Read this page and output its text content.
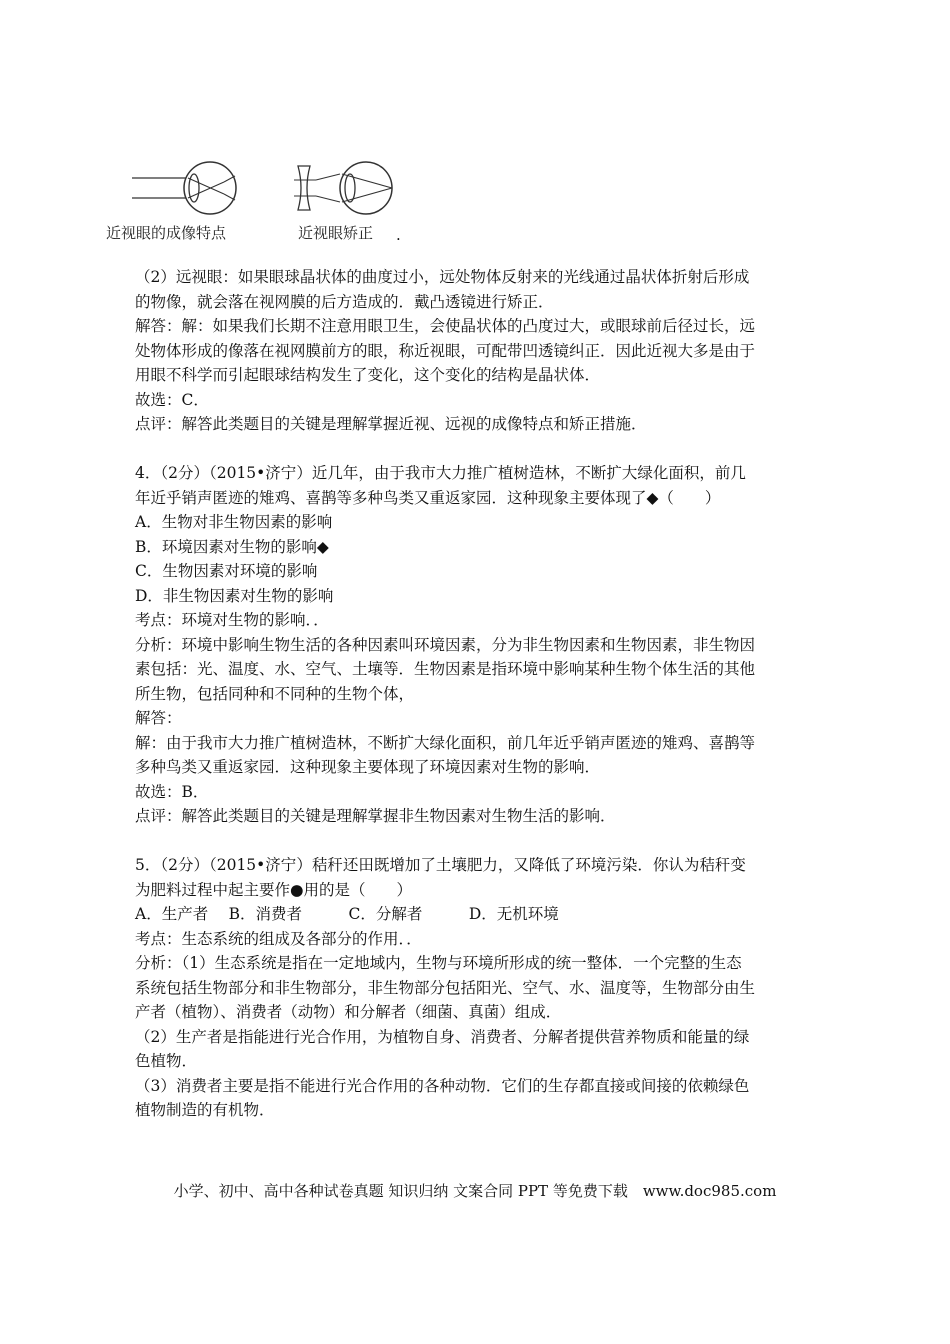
近视眼的成像特点	近视眼矫正 .
（2）远视眼：如果眼球晶状体的曲度过小，远处物体反射来的光线通过晶状体折射后形成
的物像，就会落在视网膜的后方造成的．戴凸透镜进行矫正．
解答：解：如果我们长期不注意用眼卫生，会使晶状体的凸度过大，或眼球前后径过长，远
处物体形成的像落在视网膜前方的眼，称近视眼，可配带凹透镜纠正．因此近视大多是由于
用眼不科学而引起眼球结构发生了变化，这个变化的结构是晶状体．
故选：C．
点评：解答此类题目的关键是理解掌握近视、远视的成像特点和矫正措施．
4．（2分）（2015•济宁）近几年，由于我市大力推广植树造林，不断扩大绿化面积，前几
年近乎销声匿迹的雉鸡、喜鹊等多种鸟类又重返家园．这种现象主要体现了◆（　　）
A．生物对非生物因素的影响
B．环境因素对生物的影响◆
C．生物因素对环境的影响
D．非生物因素对生物的影响
考点：环境对生物的影响．．
分析：环境中影响生物生活的各种因素叫环境因素，分为非生物因素和生物因素，非生物因
素包括：光、温度、水、空气、土壤等．生物因素是指环境中影响某种生物个体生活的其他
所生物，包括同种和不同种的生物个体，
解答：
解：由于我市大力推广植树造林，不断扩大绿化面积，前几年近乎销声匿迹的雉鸡、喜鹊等
多种鸟类又重返家园．这种现象主要体现了环境因素对生物的影响．
故选：B．
点评：解答此类题目的关键是理解掌握非生物因素对生物生活的影响．
5．（2分）（2015•济宁）秸秆还田既增加了土壤肥力，又降低了环境污染．你认为秸秆变
为肥料过程中起主要作●用的是（　　）
A．生产者　 B．消费者　　　C．分解者　　　D．无机环境
考点：生态系统的组成及各部分的作用．．
分析：（1）生态系统是指在一定地域内，生物与环境所形成的统一整体．一个完整的生态
系统包括生物部分和非生物部分，非生物部分包括阳光、空气、水、温度等，生物部分由生
产者（植物）、消费者（动物）和分解者（细菌、真菌）组成．
（2）生产者是指能进行光合作用，为植物自身、消费者、分解者提供营养物质和能量的绿
色植物．
（3）消费者主要是指不能进行光合作用的各种动物．它们的生存都直接或间接的依赖绿色
植物制造的有机物．
小学、初中、高中各种试卷真题 知识归纳 文案合同 PPT 等免费下载　www.doc985.com
